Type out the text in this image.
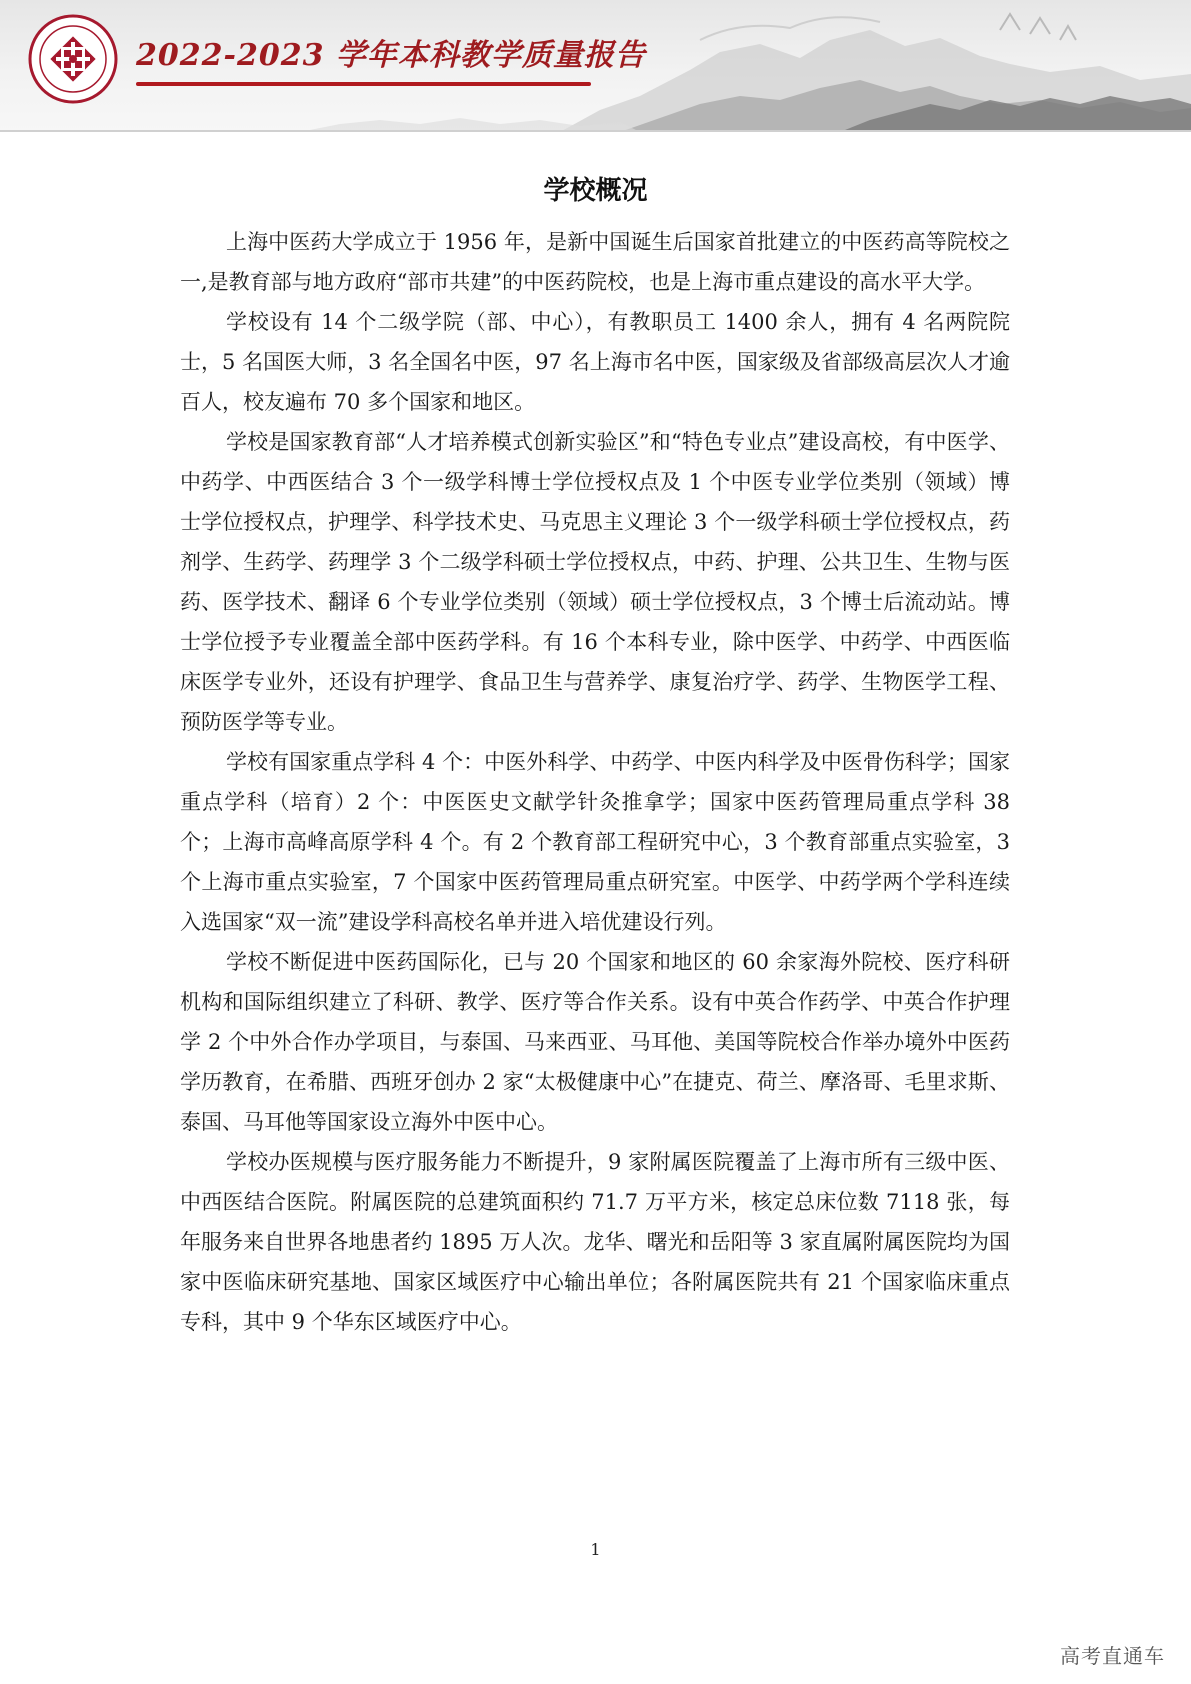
2022-2023 学年本科教学质量报告
学校概况

上海中医药大学成立于 1956 年，是新中国诞生后国家首批建立的中医药高等院校之一,是教育部与地方政府“部市共建”的中医药院校，也是上海市重点建设的高水平大学。

学校设有 14 个二级学院（部、中心），有教职员工 1400 余人，拥有 4 名两院院士，5 名国医大师，3 名全国名中医，97 名上海市名中医，国家级及省部级高层次人才逾百人，校友遍布 70 多个国家和地区。

学校是国家教育部“人才培养模式创新实验区”和“特色专业点”建设高校，有中医学、中药学、中西医结合 3 个一级学科博士学位授权点及 1 个中医专业学位类别（领域）博士学位授权点，护理学、科学技术史、马克思主义理论 3 个一级学科硕士学位授权点，药剂学、生药学、药理学 3 个二级学科硕士学位授权点，中药、护理、公共卫生、生物与医药、医学技术、翻译 6 个专业学位类别（领域）硕士学位授权点，3 个博士后流动站。博士学位授予专业覆盖全部中医药学科。有 16 个本科专业，除中医学、中药学、中西医临床医学专业外，还设有护理学、食品卫生与营养学、康复治疗学、药学、生物医学工程、预防医学等专业。

学校有国家重点学科 4 个：中医外科学、中药学、中医内科学及中医骨伤科学；国家重点学科（培育）2 个：中医医史文献学针灸推拿学；国家中医药管理局重点学科 38 个；上海市高峰高原学科 4 个。有 2 个教育部工程研究中心，3 个教育部重点实验室，3 个上海市重点实验室，7 个国家中医药管理局重点研究室。中医学、中药学两个学科连续入选国家“双一流”建设学科高校名单并进入培优建设行列。

学校不断促进中医药国际化，已与 20 个国家和地区的 60 余家海外院校、医疗科研机构和国际组织建立了科研、教学、医疗等合作关系。设有中英合作药学、中英合作护理学 2 个中外合作办学项目，与泰国、马来西亚、马耳他、美国等院校合作举办境外中医药学历教育，在希腊、西班牙创办 2 家“太极健康中心”在捷克、荷兰、摩洛哥、毛里求斯、泰国、马耳他等国家设立海外中医中心。

学校办医规模与医疗服务能力不断提升，9 家附属医院覆盖了上海市所有三级中医、中西医结合医院。附属医院的总建筑面积约 71.7 万平方米，核定总床位数 7118 张，每年服务来自世界各地患者约 1895 万人次。龙华、曙光和岳阳等 3 家直属附属医院均为国家中医临床研究基地、国家区域医疗中心输出单位；各附属医院共有 21 个国家临床重点专科，其中 9 个华东区域医疗中心。

1
高考直通车
